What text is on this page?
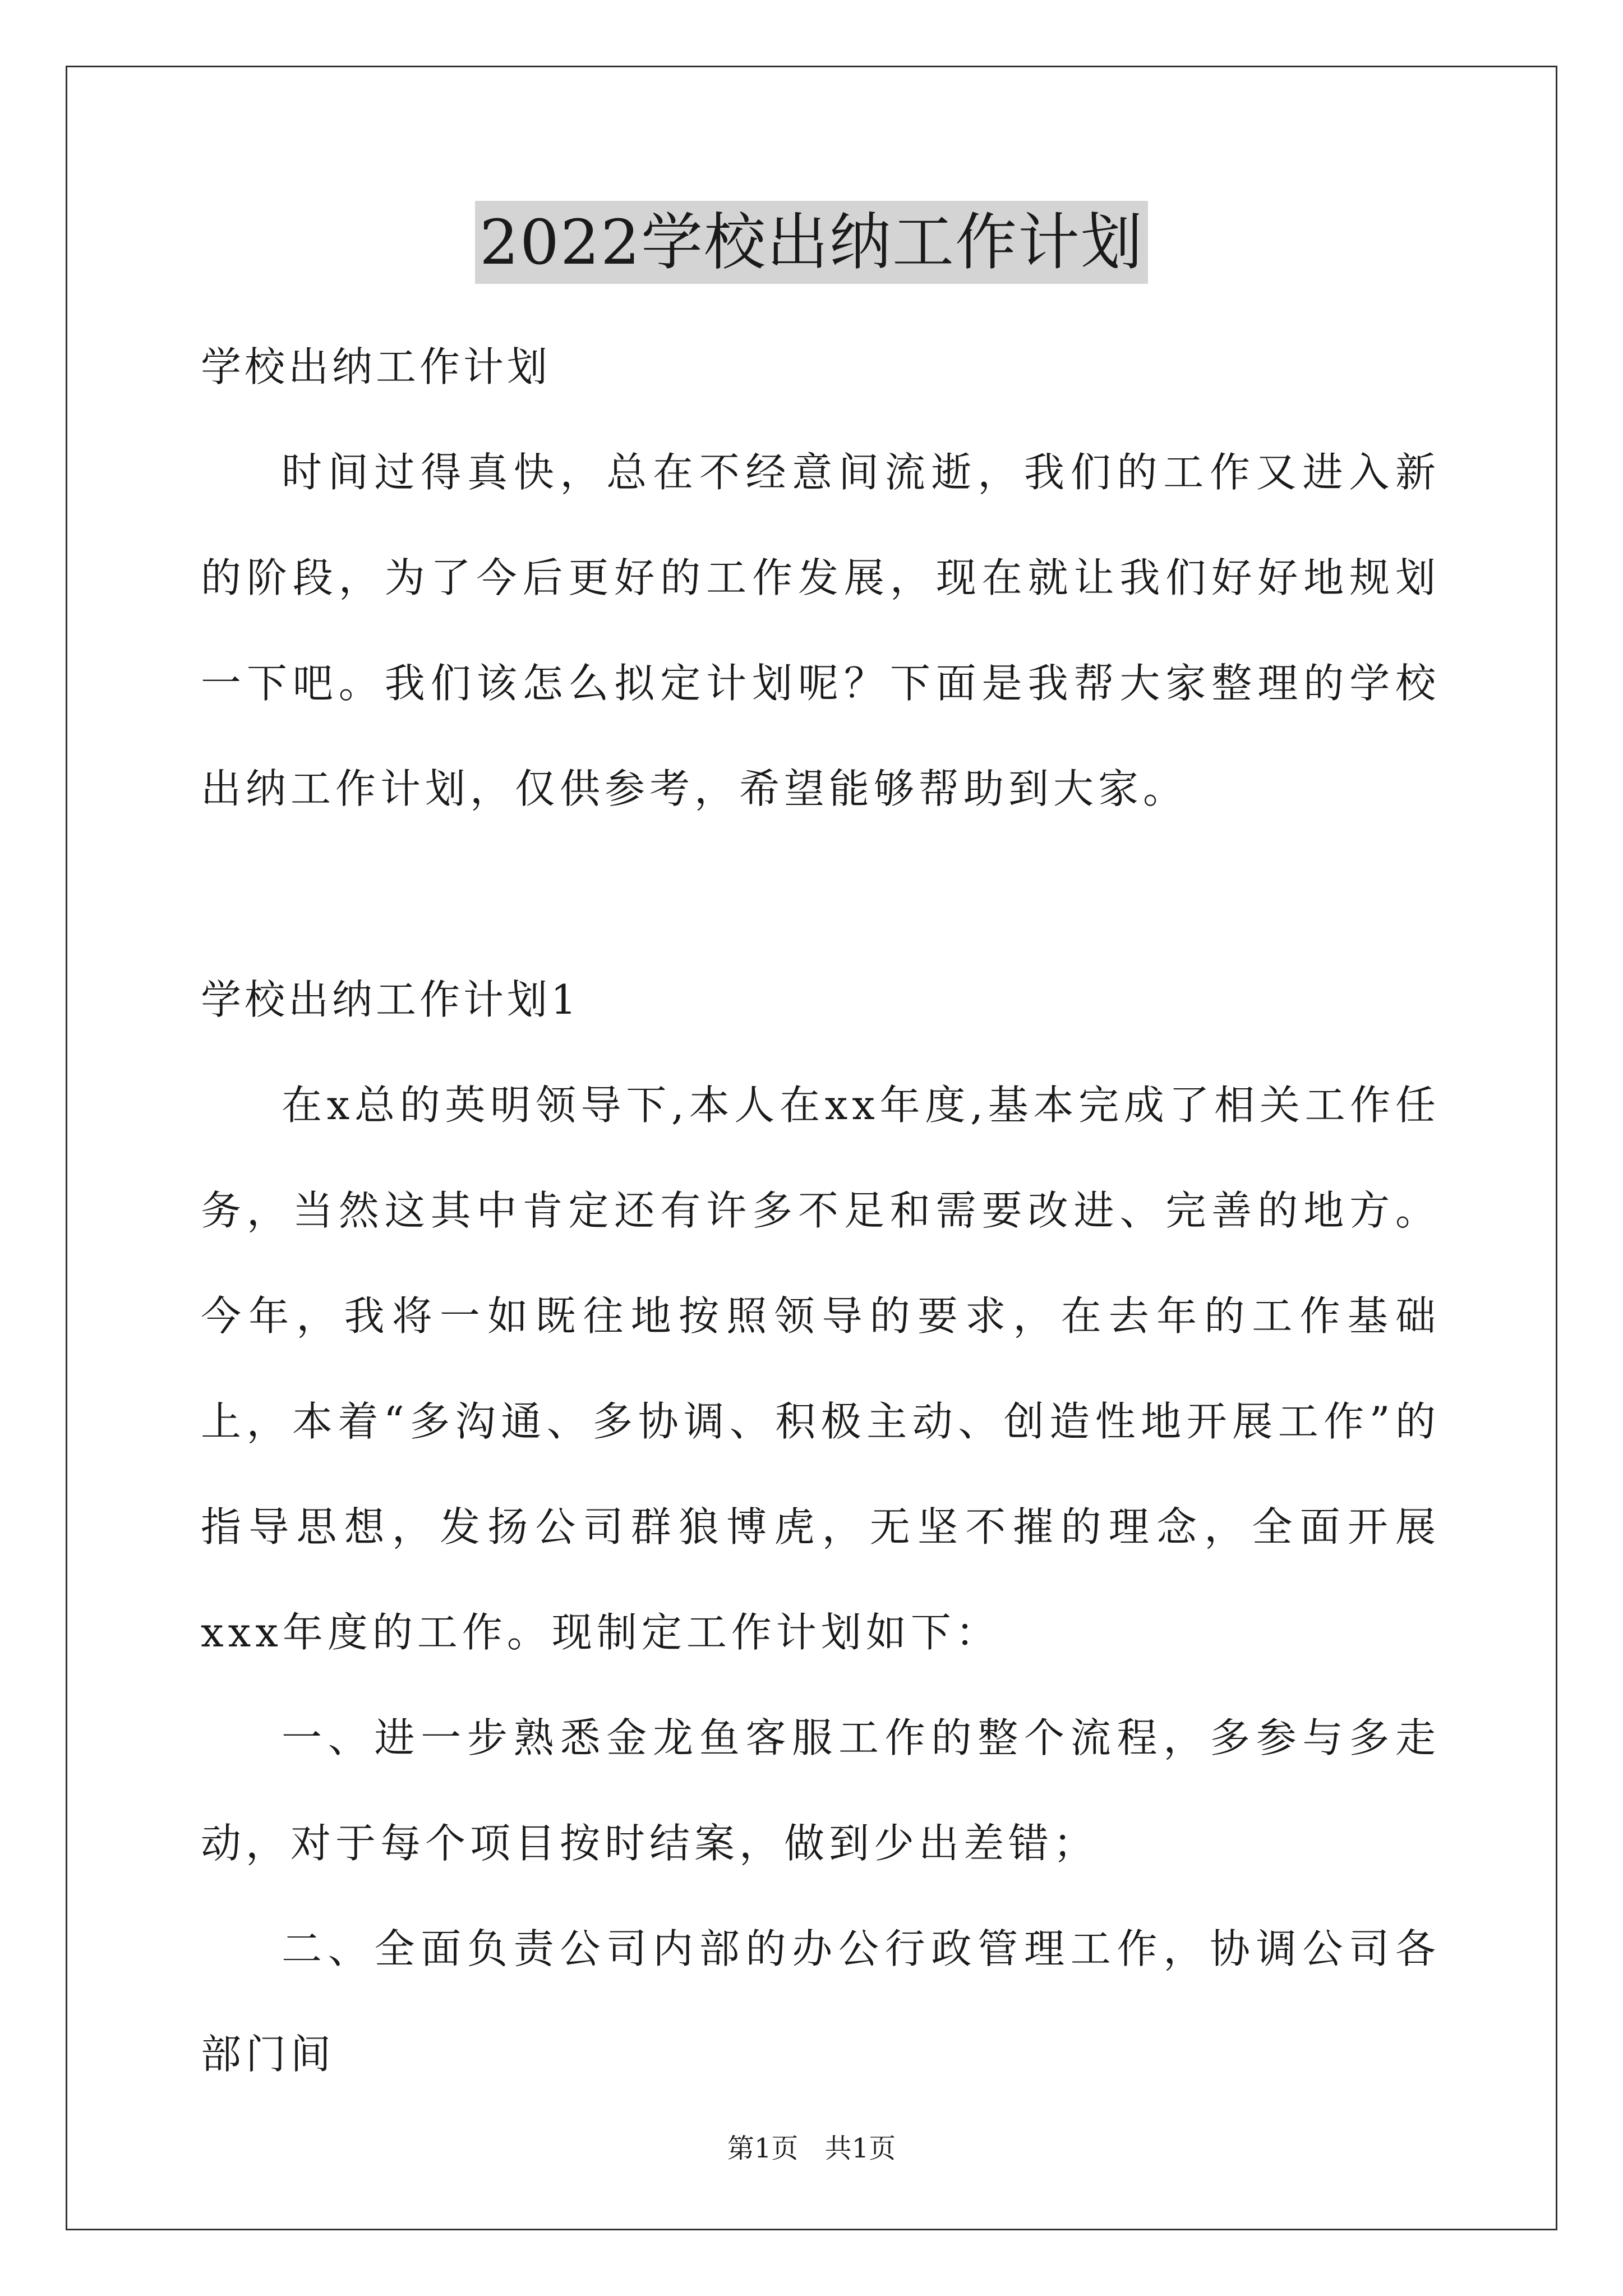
2022学校出纳工作计划

学校出纳工作计划

时间过得真快，总在不经意间流逝，我们的工作又进入新的阶段，为了今后更好的工作发展，现在就让我们好好地规划一下吧。我们该怎么拟定计划呢？下面是我帮大家整理的学校出纳工作计划，仅供参考，希望能够帮助到大家。

学校出纳工作计划1

在x总的英明领导下,本人在xx年度,基本完成了相关工作任务，当然这其中肯定还有许多不足和需要改进、完善的地方。今年，我将一如既往地按照领导的要求，在去年的工作基础上，本着“多沟通、多协调、积极主动、创造性地开展工作”的指导思想，发扬公司群狼博虎，无坚不摧的理念，全面开展xxx年度的工作。现制定工作计划如下：

一、进一步熟悉金龙鱼客服工作的整个流程，多参与多走动，对于每个项目按时结案，做到少出差错；

二、全面负责公司内部的办公行政管理工作，协调公司各部门间

第1页 共1页
